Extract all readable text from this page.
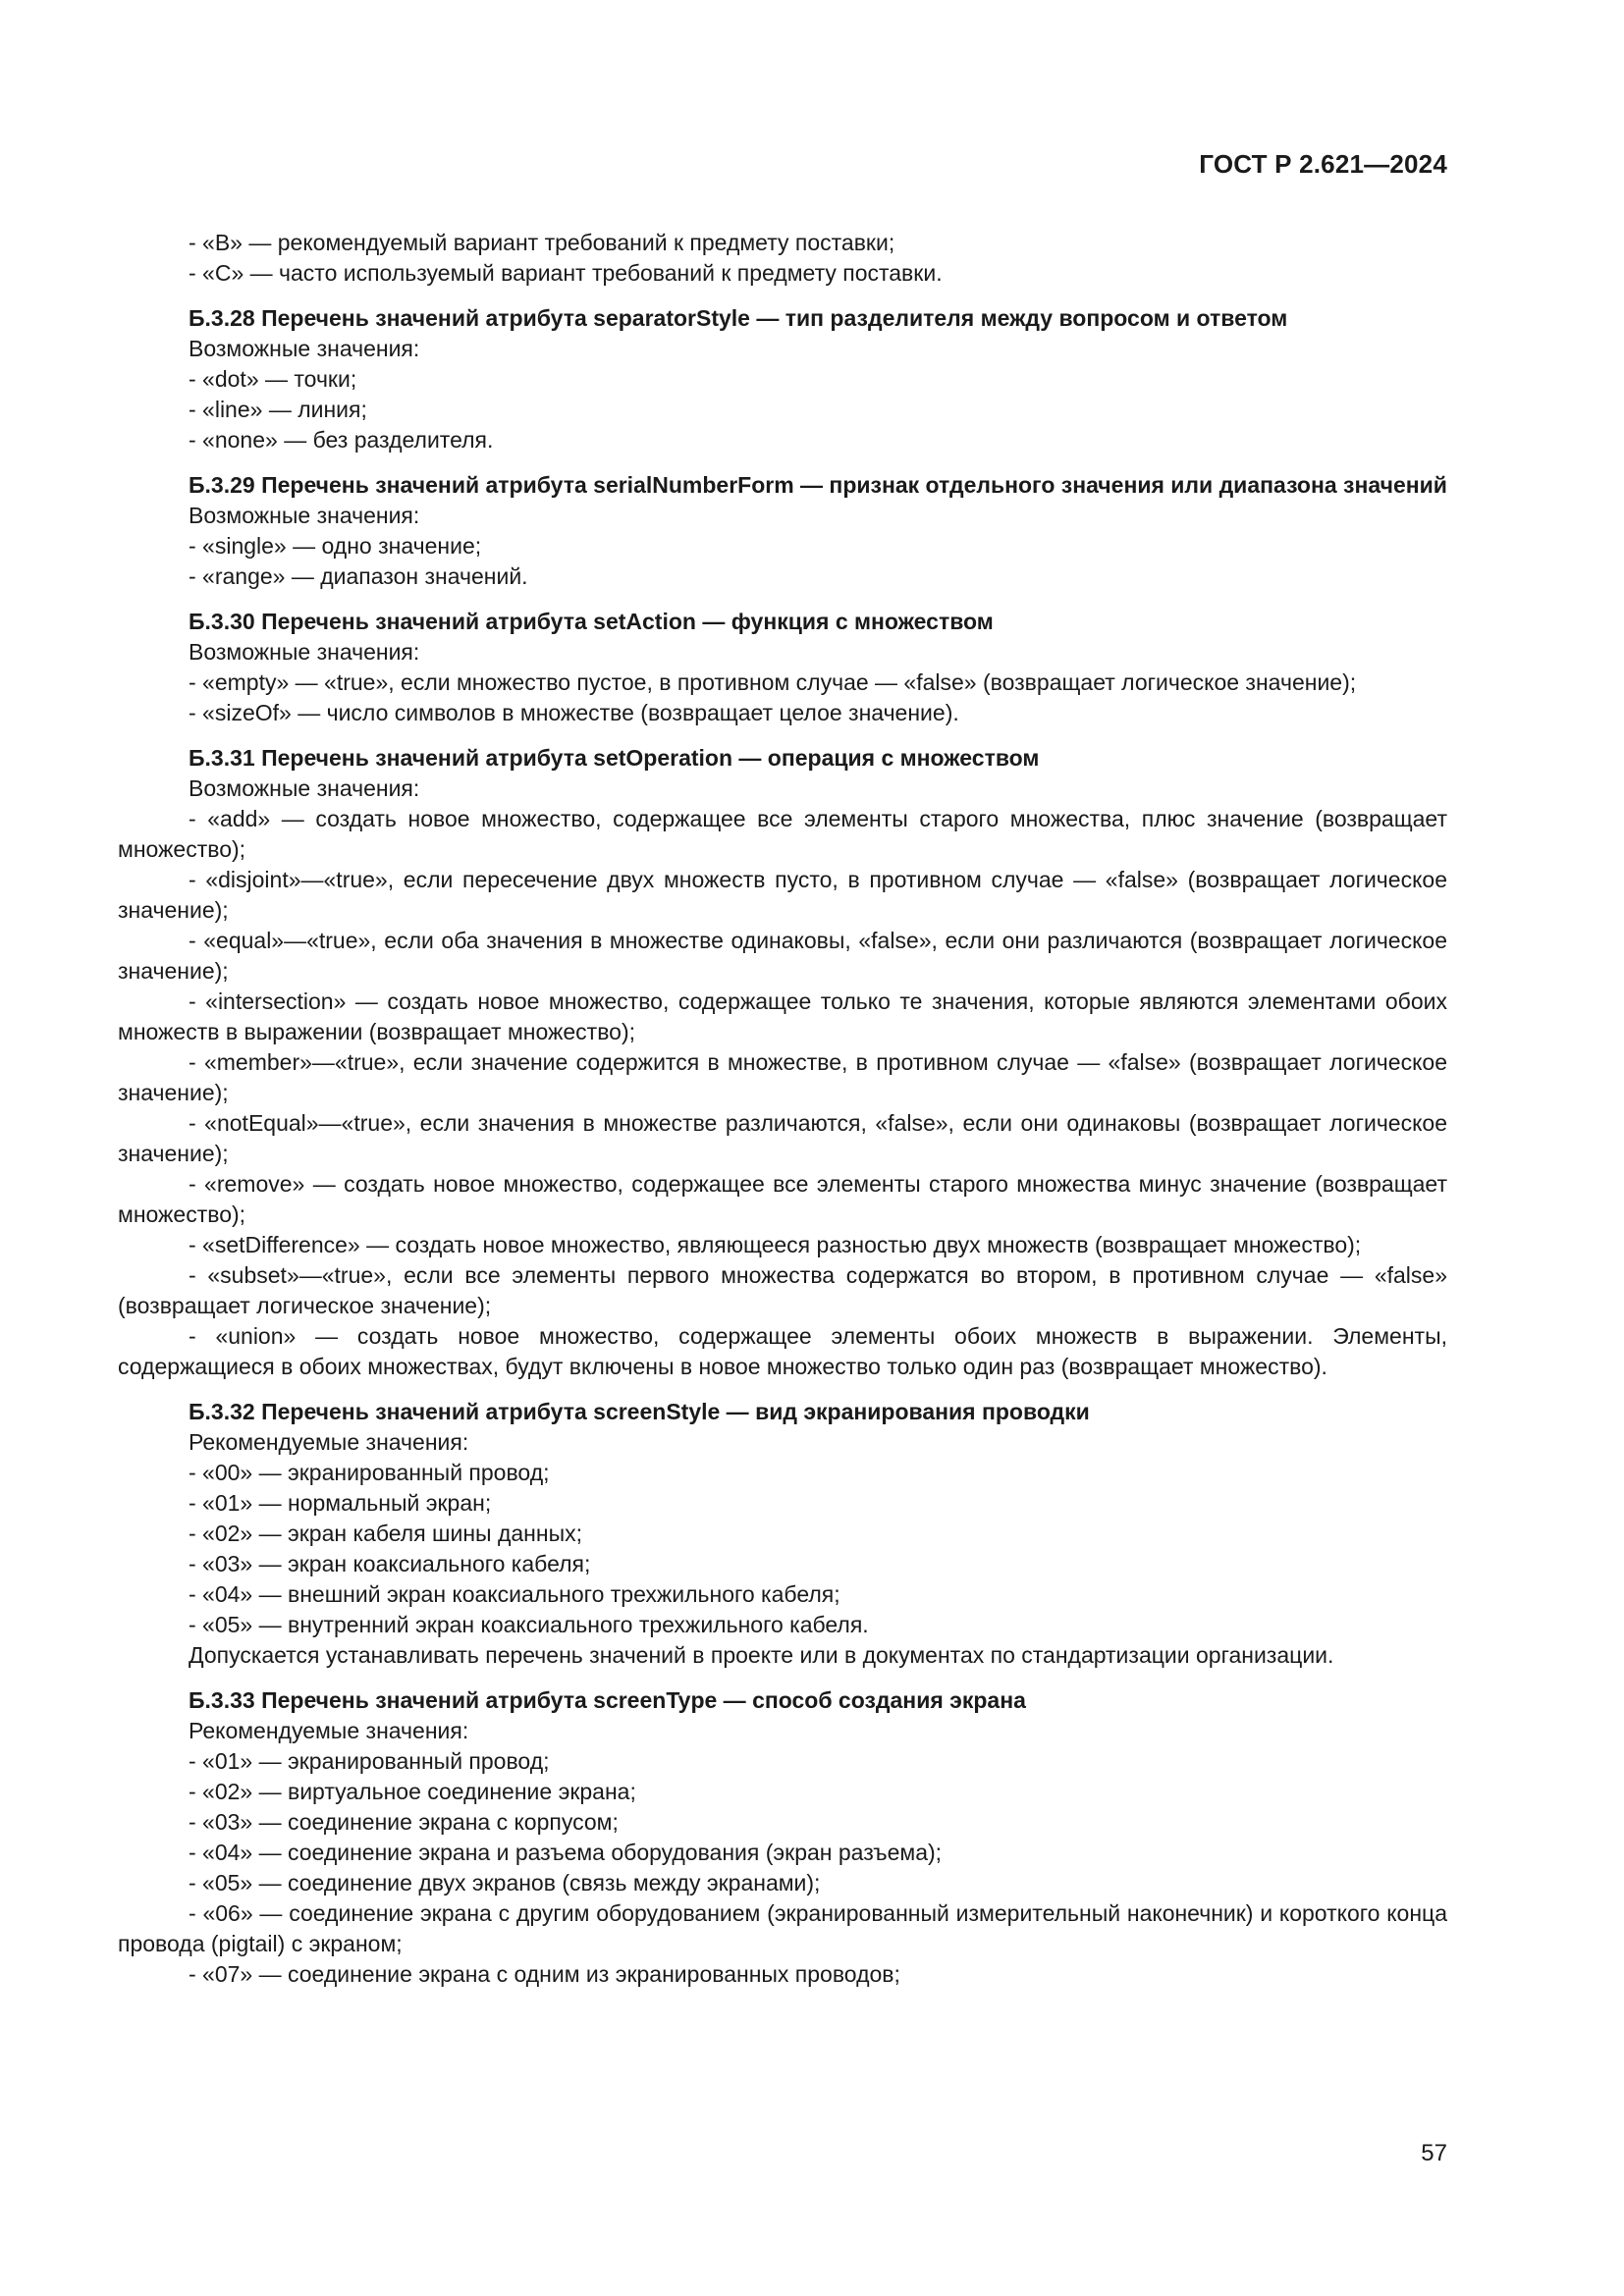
ГОСТ Р 2.621—2024
- «В» — рекомендуемый вариант требований к предмету поставки;
- «С» — часто используемый вариант требований к предмету поставки.
Б.3.28 Перечень значений атрибута separatorStyle — тип разделителя между вопросом и ответом
Возможные значения:
- «dot» — точки;
- «line» — линия;
- «none» — без разделителя.
Б.3.29 Перечень значений атрибута serialNumberForm — признак отдельного значения или диапазона значений
Возможные значения:
- «single» — одно значение;
- «range» — диапазон значений.
Б.3.30 Перечень значений атрибута setAction — функция с множеством
Возможные значения:
- «empty» — «true», если множество пустое, в противном случае — «false» (возвращает логическое значение);
- «sizeOf» — число символов в множестве (возвращает целое значение).
Б.3.31 Перечень значений атрибута setOperation — операция с множеством
Возможные значения:
- «add» — создать новое множество, содержащее все элементы старого множества, плюс значение (возвращает множество);
- «disjoint»—«true», если пересечение двух множеств пусто, в противном случае — «false» (возвращает логическое значение);
- «equal»—«true», если оба значения в множестве одинаковы, «false», если они различаются (возвращает логическое значение);
- «intersection» — создать новое множество, содержащее только те значения, которые являются элементами обоих множеств в выражении (возвращает множество);
- «member»—«true», если значение содержится в множестве, в противном случае — «false» (возвращает логическое значение);
- «notEqual»—«true», если значения в множестве различаются, «false», если они одинаковы (возвращает логическое значение);
- «remove» — создать новое множество, содержащее все элементы старого множества минус значение (возвращает множество);
- «setDifference» — создать новое множество, являющееся разностью двух множеств (возвращает множество);
- «subset»—«true», если все элементы первого множества содержатся во втором, в противном случае — «false» (возвращает логическое значение);
- «union» — создать новое множество, содержащее элементы обоих множеств в выражении. Элементы, содержащиеся в обоих множествах, будут включены в новое множество только один раз (возвращает множество).
Б.3.32 Перечень значений атрибута screenStyle — вид экранирования проводки
Рекомендуемые значения:
- «00» — экранированный провод;
- «01» — нормальный экран;
- «02» — экран кабеля шины данных;
- «03» — экран коаксиального кабеля;
- «04» — внешний экран коаксиального трехжильного кабеля;
- «05» — внутренний экран коаксиального трехжильного кабеля.
Допускается устанавливать перечень значений в проекте или в документах по стандартизации организации.
Б.3.33 Перечень значений атрибута screenType — способ создания экрана
Рекомендуемые значения:
- «01» — экранированный провод;
- «02» — виртуальное соединение экрана;
- «03» — соединение экрана с корпусом;
- «04» — соединение экрана и разъема оборудования (экран разъема);
- «05» — соединение двух экранов (связь между экранами);
- «06» — соединение экрана с другим оборудованием (экранированный измерительный наконечник) и короткого конца провода (pigtail) с экраном;
- «07» — соединение экрана с одним из экранированных проводов;
57
